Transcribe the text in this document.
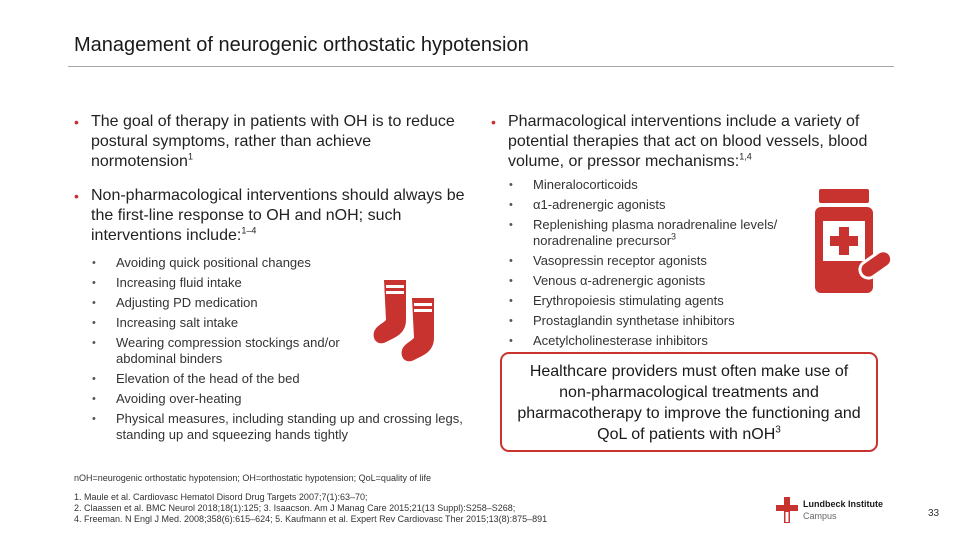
Management of neurogenic orthostatic hypotension
• The goal of therapy in patients with OH is to reduce postural symptoms, rather than achieve normotension$^1$
• Non-pharmacological interventions should always be the first-line response to OH and nOH; such interventions include:$^{1-4}$
• Avoiding quick positional changes
• Increasing fluid intake
• Adjusting PD medication
• Increasing salt intake
• Wearing compression stockings and/or abdominal binders
• Elevation of the head of the bed
• Avoiding over-heating
• Physical measures, including standing up and crossing legs, standing up and squeezing hands tightly
• Pharmacological interventions include a variety of potential therapies that act on blood vessels, blood volume, or pressor mechanisms:$^{1,4}$
• Mineralocorticoids
• α1-adrenergic agonists
• Replenishing plasma noradrenaline levels/ noradrenaline precursor$^3$
• Vasopressin receptor agonists
• Venous α-adrenergic agonists
• Erythropoiesis stimulating agents
• Prostaglandin synthetase inhibitors
• Acetylcholinesterase inhibitors
Healthcare providers must often make use of non-pharmacological treatments and pharmacotherapy to improve the functioning and QoL of patients with nOH$^3$
nOH=neurogenic orthostatic hypotension; OH=orthostatic hypotension; QoL=quality of life
1. Maule et al. Cardiovasc Hematol Disord Drug Targets 2007;7(1):63–70;
2. Claassen et al. BMC Neurol 2018;18(1):125; 3. Isaacson. Am J Manag Care 2015;21(13 Suppl):S258–S268;
4. Freeman. N Engl J Med. 2008;358(6):615–624; 5. Kaufmann et al. Expert Rev Cardiovasc Ther 2015;13(8):875–891
Lundbeck Institute
Campus	33
